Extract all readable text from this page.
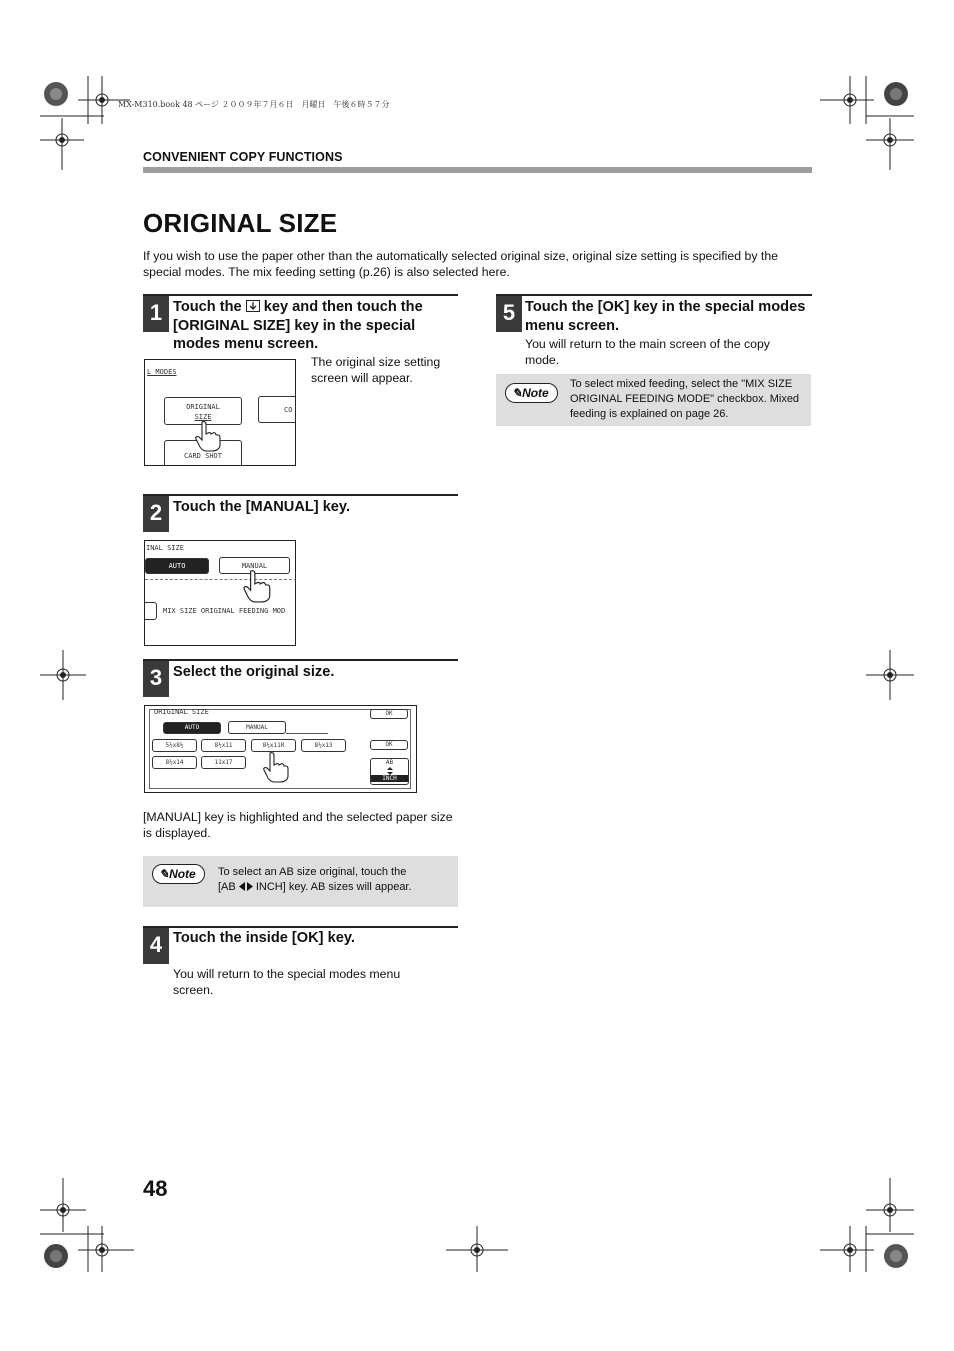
MX-M310.book 48 ページ ２００９年７月６日　月曜日　午後６時５７分
CONVENIENT COPY FUNCTIONS
ORIGINAL SIZE

If you wish to use the paper other than the automatically selected original size, original size setting is specified by the special modes. The mix feeding setting (p.26) is also selected here.

1 Touch the key and then touch the [ORIGINAL SIZE] key in the special modes menu screen.
L MODES
ORIGINAL
SIZE
CO
CARD SHOT
The original size setting screen will appear.
2 Touch the [MANUAL] key.
INAL SIZE
AUTO	MANUAL
MIX SIZE ORIGINAL FEEDING MOD
3 Select the original size.
ORIGINAL SIZE	OK
AUTO	MANUAL
OK
5½x8½	8½x11	8½x11R	8½x13
8½x14	11x17	AB
INCH
[MANUAL] key is highlighted and the selected paper size is displayed.
✎Note	To select an AB size original, touch the
[AB INCH] key. AB sizes will appear.
4 Touch the inside [OK] key.
You will return to the special modes menu screen.
5 Touch the [OK] key in the special modes menu screen.
You will return to the main screen of the copy mode.
✎Note
To select mixed feeding, select the "MIX SIZE ORIGINAL FEEDING MODE" checkbox. Mixed feeding is explained on page 26.
48
